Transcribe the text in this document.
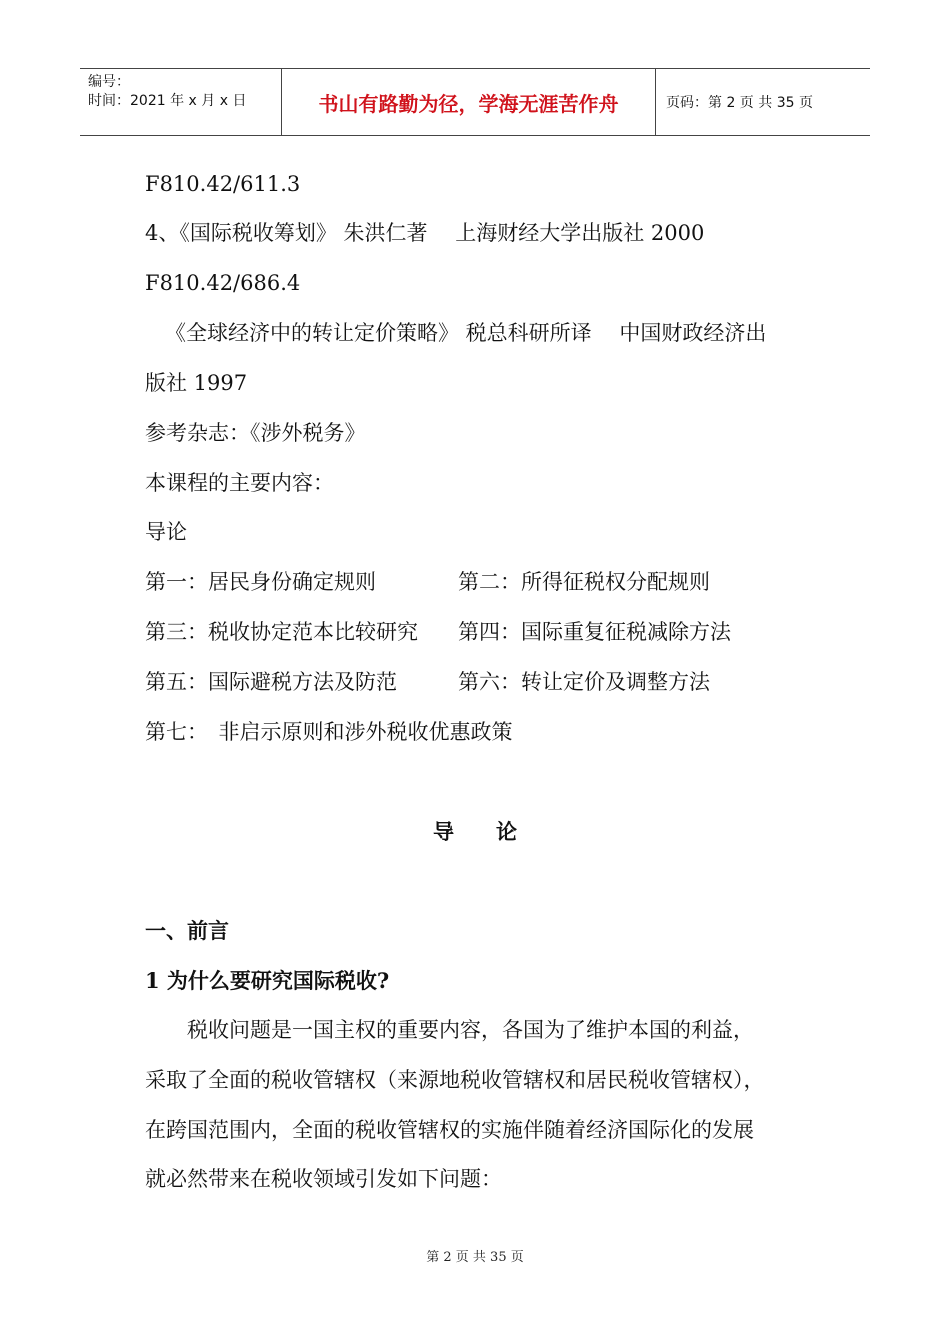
编号：
时间：2021 年 x 月 x 日	书山有路勤为径，学海无涯苦作舟	页码：第 2 页 共 35 页
F810.42/611.3
4、《国际税收筹划》 朱洪仁著 　上海财经大学出版社 2000
F810.42/686.4
《全球经济中的转让定价策略》 税总科研所译 　中国财政经济出
版社 1997
参考杂志：《涉外税务》
本课程的主要内容：
导论
第一：居民身份确定规则	第二：所得征税权分配规则
第三：税收协定范本比较研究 第四：国际重复征税减除方法
第五：国际避税方法及防范	第六：转让定价及调整方法
第七：　非启示原则和涉外税收优惠政策
导　　论
一、前言
1 为什么要研究国际税收?
　　税收问题是一国主权的重要内容，各国为了维护本国的利益，
采取了全面的税收管辖权（来源地税收管辖权和居民税收管辖权），
在跨国范围内，全面的税收管辖权的实施伴随着经济国际化的发展
就必然带来在税收领域引发如下问题：
第 2 页 共 35 页
